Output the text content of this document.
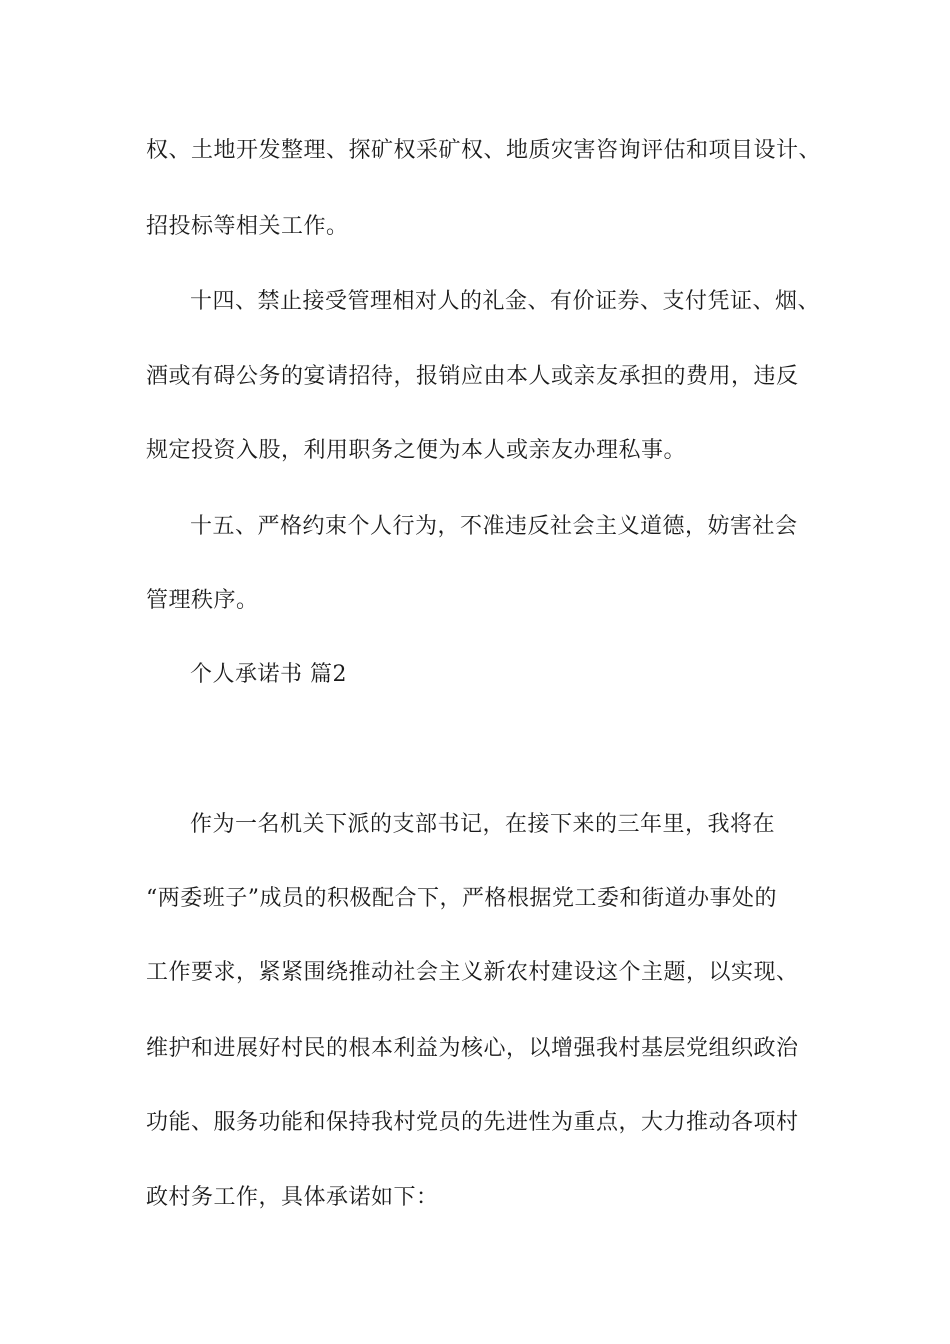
权、土地开发整理、探矿权采矿权、地质灾害咨询评估和项目设计、
招投标等相关工作。
十四、禁止接受管理相对人的礼金、有价证券、支付凭证、烟、
酒或有碍公务的宴请招待，报销应由本人或亲友承担的费用，违反
规定投资入股，利用职务之便为本人或亲友办理私事。
十五、严格约束个人行为，不准违反社会主义道德，妨害社会
管理秩序。
个人承诺书 篇2
作为一名机关下派的支部书记，在接下来的三年里，我将在
“两委班子”成员的积极配合下，严格根据党工委和街道办事处的
工作要求，紧紧围绕推动社会主义新农村建设这个主题，以实现、
维护和进展好村民的根本利益为核心，以增强我村基层党组织政治
功能、服务功能和保持我村党员的先进性为重点，大力推动各项村
政村务工作，具体承诺如下：
